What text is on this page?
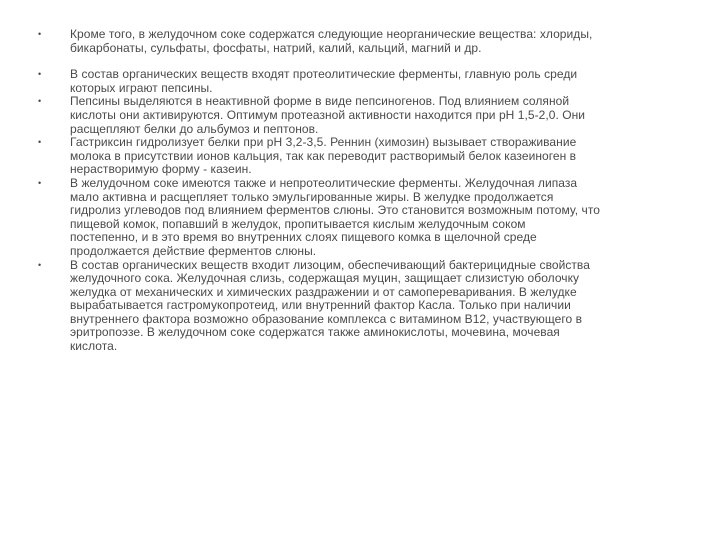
• Кроме того, в желудочном соке содержатся следующие неорганические вещества: хлориды,
бикарбонаты, сульфаты, фосфаты, натрий, калий, кальций, магний и др.
• В состав органических веществ входят протеолитические ферменты, главную роль среди
которых играют пепсины.
• Пепсины выделяются в неактивной форме в виде пепсиногенов. Под влиянием соляной
кислоты они активируются. Оптимум протеазной активности находится при pH 1,5-2,0. Они
расщепляют белки до альбумоз и пептонов.
• Гастриксин гидролизует белки при pH 3,2-3,5. Реннин (химозин) вызывает створаживание
молока в присутствии ионов кальция, так как переводит растворимый белок казеиноген в
нерастворимую форму - казеин.
• В желудочном соке имеются также и непротеолитические ферменты. Желудочная липаза
мало активна и расщепляет только эмульгированные жиры. В желудке продолжается
гидролиз углеводов под влиянием ферментов слюны. Это становится возможным потому, что
пищевой комок, попавший в желудок, пропитывается кислым желудочным соком
постепенно, и в это время во внутренних слоях пищевого комка в щелочной среде
продолжается действие ферментов слюны.
• В состав органических веществ входит лизоцим, обеспечивающий бактерицидные свойства
желудочного сока. Желудочная слизь, содержащая муцин, защищает слизистую оболочку
желудка от механических и химических раздражении и от самопереваривания. В желудке
вырабатывается гастромукопротеид, или внутренний фактор Касла. Только при наличии
внутреннего фактора возможно образование комплекса с витамином В12, участвующего в
эритропоэзе. В желудочном соке содержатся также аминокислоты, мочевина, мочевая
кислота.
